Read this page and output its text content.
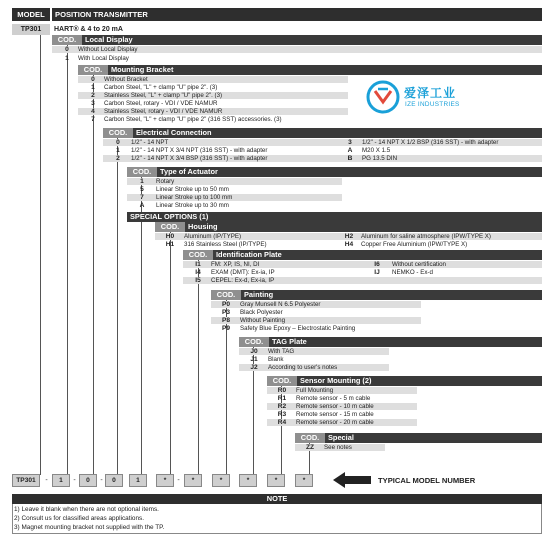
MODEL	POSITION TRANSMITTER
TP301	HART® & 4 to 20 mA
爱泽工业
IZE INDUSTRIES
COD.	Local Display
0	Without Local Display
1	With Local Display
COD.	Mounting Bracket
0	Without Bracket
1	Carbon Steel, "L" + clamp "U" pipe 2". (3)
2	Stainless Steel, "L" + clamp "U" pipe 2". (3)
3	Carbon Steel, rotary - VDI / VDE NAMUR
4	Stainless Steel, rotary - VDI / VDE NAMUR
7	Carbon Steel, "L" + clamp "U" pipe 2" (316 SST) accessories. (3)
COD.	Electrical Connection
0	1/2" - 14 NPT
1	1/2" - 14 NPT X 3/4 NPT (316 SST) - with adapter
2	1/2" - 14 NPT X 3/4 BSP (316 SST) - with adapter
3	1/2" - 14 NPT X 1/2 BSP (316 SST) - with adapter
A	M20 X 1.5
B	PG 13.5 DIN
COD.	Type of Actuator
1	Rotary
5	Linear Stroke up to 50 mm
7	Linear Stroke up to 100 mm
A	Linear Stroke up to 30 mm
SPECIAL OPTIONS (1)
COD.	Housing
H0	Aluminum (IP/TYPE)
H1	316 Stainless Steel (IP/TYPE)
H2	Aluminum for saline atmosphere (IPW/TYPE X)
H4	Copper Free Aluminium (IPW/TYPE X)
COD.	Identification Plate
I1	FM: XP, IS, NI, DI
I4	EXAM (DMT): Ex-ia, IP
I5	CEPEL: Ex-d, Ex-ia, IP
I6	Without certification
IJ	NEMKO - Ex-d
COD.	Painting
P0	Gray Munsell N 6.5 Polyester
P3	Black Polyester
P8	Without Painting
P9	Safety Blue Epoxy – Electrostatic Painting
COD.	TAG Plate
J0	With TAG
J1	Blank
J2	According to user's notes
COD.	Sensor Mounting (2)
R0	Full Mounting
R1	Remote sensor - 5 m cable
R2	Remote sensor - 10 m cable
R3	Remote sensor - 15 m cable
R4	Remote sensor - 20 m cable
COD.	Special
ZZ	See notes
TP301	-	1	-	0	-	0	1	*	-	*	*	*	*	*	TYPICAL MODEL NUMBER
NOTE
1) Leave it blank when there are not optional items.
2) Consult us for classified areas applications.
3) Magnet mounting bracket not supplied with the TP.
